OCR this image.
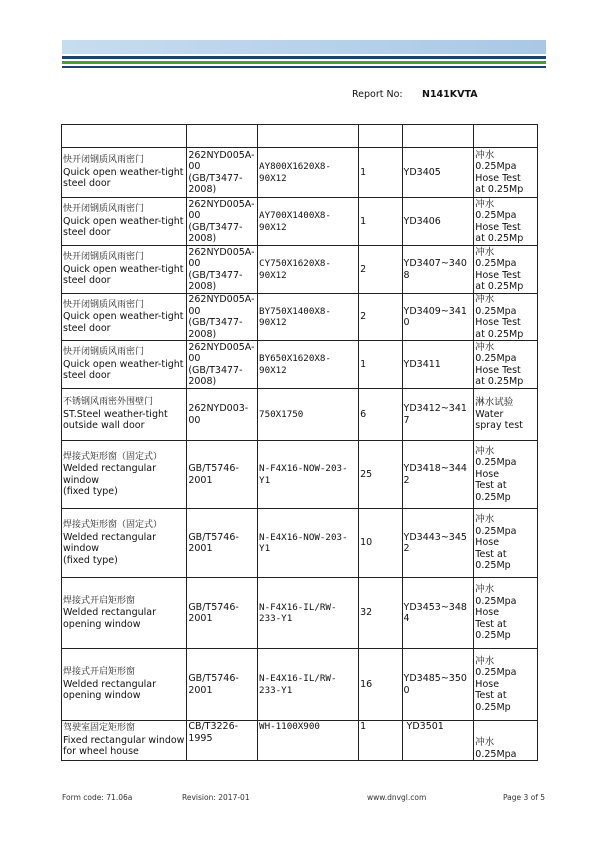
Report No: N141KVTA

快开闭钢质风雨密门
Quick open weather-tight steel door	262NYD005A-00 (GB/T3477-2008)	AY800X1620X8-90X12	1	YD3405	冲水
0.25Mpa
Hose Test
at 0.25Mp

快开闭钢质风雨密门
Quick open weather-tight steel door	262NYD005A-00 (GB/T3477-2008)	AY700X1400X8-90X12	1	YD3406	冲水
0.25Mpa
Hose Test
at 0.25Mp

快开闭钢质风雨密门
Quick open weather-tight steel door	262NYD005A-00 (GB/T3477-2008)	CY750X1620X8-90X12	2	YD3407~3408	冲水
0.25Mpa
Hose Test
at 0.25Mp

快开闭钢质风雨密门
Quick open weather-tight steel door	262NYD005A-00 (GB/T3477-2008)	BY750X1400X8-90X12	2	YD3409~3410	冲水
0.25Mpa
Hose Test
at 0.25Mp

快开闭钢质风雨密门
Quick open weather-tight steel door	262NYD005A-00 (GB/T3477-2008)	BY650X1620X8-90X12	1	YD3411	冲水
0.25Mpa
Hose Test
at 0.25Mp

不锈钢风雨密外围壁门
ST.Steel weather-tight outside wall door	262NYD003-00	750X1750	6	YD3412~3417	淋水试验
Water
spray test

焊接式矩形窗（固定式）
Welded rectangular window
(fixed type)	GB/T5746-2001	N-F4X16-NOW-203-Y1	25	YD3418~3442	冲水
0.25Mpa
Hose
Test at
0.25Mp

焊接式矩形窗（固定式）
Welded rectangular window
(fixed type)	GB/T5746-2001	N-E4X16-NOW-203-Y1	10	YD3443~3452	冲水
0.25Mpa
Hose
Test at
0.25Mp

焊接式开启矩形窗
Welded rectangular opening window	GB/T5746-2001	N-F4X16-IL/RW-233-Y1	32	YD3453~3484	冲水
0.25Mpa
Hose
Test at
0.25Mp

焊接式开启矩形窗
Welded rectangular opening window	GB/T5746-2001	N-E4X16-IL/RW-233-Y1	16	YD3485~3500	冲水
0.25Mpa
Hose
Test at
0.25Mp

驾驶室固定矩形窗
Fixed rectangular window for wheel house	CB/T3226-1995	WH-1100X900	1	YD3501	冲水
0.25Mpa
Form code: 71.06a	Revision: 2017-01	www.dnvgl.com	Page 3 of 5
